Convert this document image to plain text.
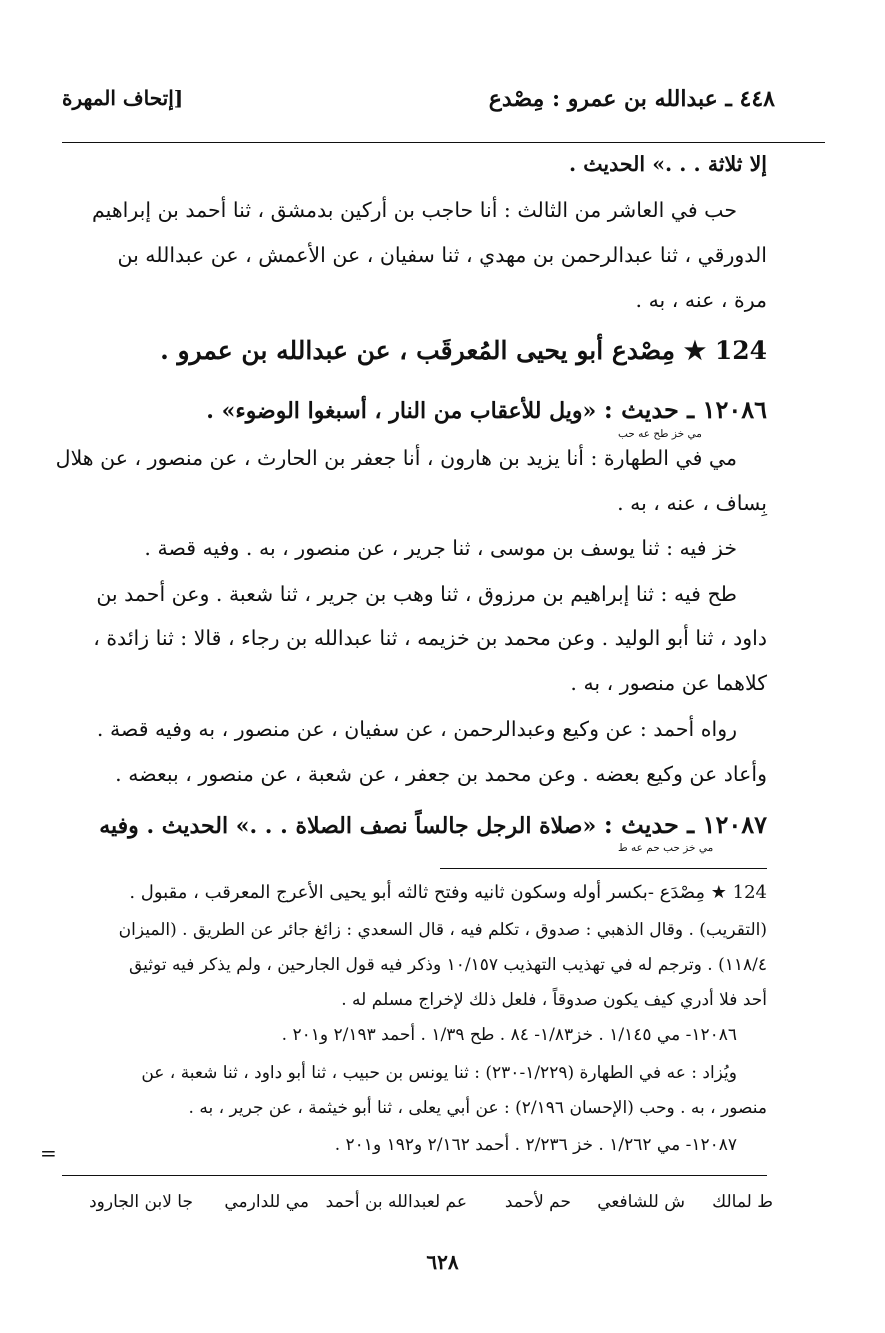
٤٤٨ ـ عبدالله بن عمرو : مِصْدع
[إتحاف المهرة
إلا ثلاثة . . .» الحديث .
حب في العاشر من الثالث : أنا حاجب بن أركين بدمشق ، ثنا أحمد بن إبراهيم
الدورقي ، ثنا عبدالرحمن بن مهدي ، ثنا سفيان ، عن الأعمش ، عن عبدالله بن
مرة ، عنه ، به .
124 ★ مِصْدع أبو يحيى المُعرقَب ، عن عبدالله بن عمرو .
١٢٠٨٦ ـ حديث : «ويل للأعقاب من النار ، أسبغوا الوضوء» .
مي خز طح عه حب
مي في الطهارة : أنا يزيد بن هارون ، أنا جعفر بن الحارث ، عن منصور ، عن هلال
بِساف ، عنه ، به .
خز فيه : ثنا يوسف بن موسى ، ثنا جرير ، عن منصور ، به . وفيه قصة .
طح فيه : ثنا إبراهيم بن مرزوق ، ثنا وهب بن جرير ، ثنا شعبة . وعن أحمد بن
داود ، ثنا أبو الوليد . وعن محمد بن خزيمه ، ثنا عبدالله بن رجاء ، قالا : ثنا زائدة ،
كلاهما عن منصور ، به .
رواه أحمد : عن وكيع وعبدالرحمن ، عن سفيان ، عن منصور ، به وفيه قصة .
وأعاد عن وكيع بعضه . وعن محمد بن جعفر ، عن شعبة ، عن منصور ، ببعضه .
١٢٠٨٧ ـ حديث : «صلاة الرجل جالساً نصف الصلاة . . .» الحديث . وفيه
مي خز حب حم عه ط
124 ★ مِصْدَع -بكسر أوله وسكون ثانيه وفتح ثالثه أبو يحيى الأعرج المعرقب ، مقبول .
(التقريب) . وقال الذهبي : صدوق ، تكلم فيه ، قال السعدي : زائغ جائر عن الطريق . (الميزان
١١٨/٤) . وترجم له في تهذيب التهذيب ١٠/١٥٧ وذكر فيه قول الجارحين ، ولم يذكر فيه توثيق
أحد فلا أدري كيف يكون صدوقاً ، فلعل ذلك لإخراج مسلم له .
١٢٠٨٦- مي ١/١٤٥ . خز١/٨٣- ٨٤ . طح ١/٣٩ . أحمد ٢/١٩٣ و٢٠١ .
ويُزاد : عه في الطهارة (١/٢٢٩-٢٣٠) : ثنا يونس بن حبيب ، ثنا أبو داود ، ثنا شعبة ، عن
منصور ، به . وحب (الإحسان ٢/١٩٦) : عن أبي يعلى ، ثنا أبو خيثمة ، عن جرير ، به .
١٢٠٨٧- مي ١/٢٦٢ . خز ٢/٢٣٦ . أحمد ٢/١٦٢ و١٩٢ و٢٠١ .
=
ط لمالك
ش للشافعي
حم لأحمد
عم لعبدالله بن أحمد
مي للدارمي
جا لابن الجارود
٦٢٨
